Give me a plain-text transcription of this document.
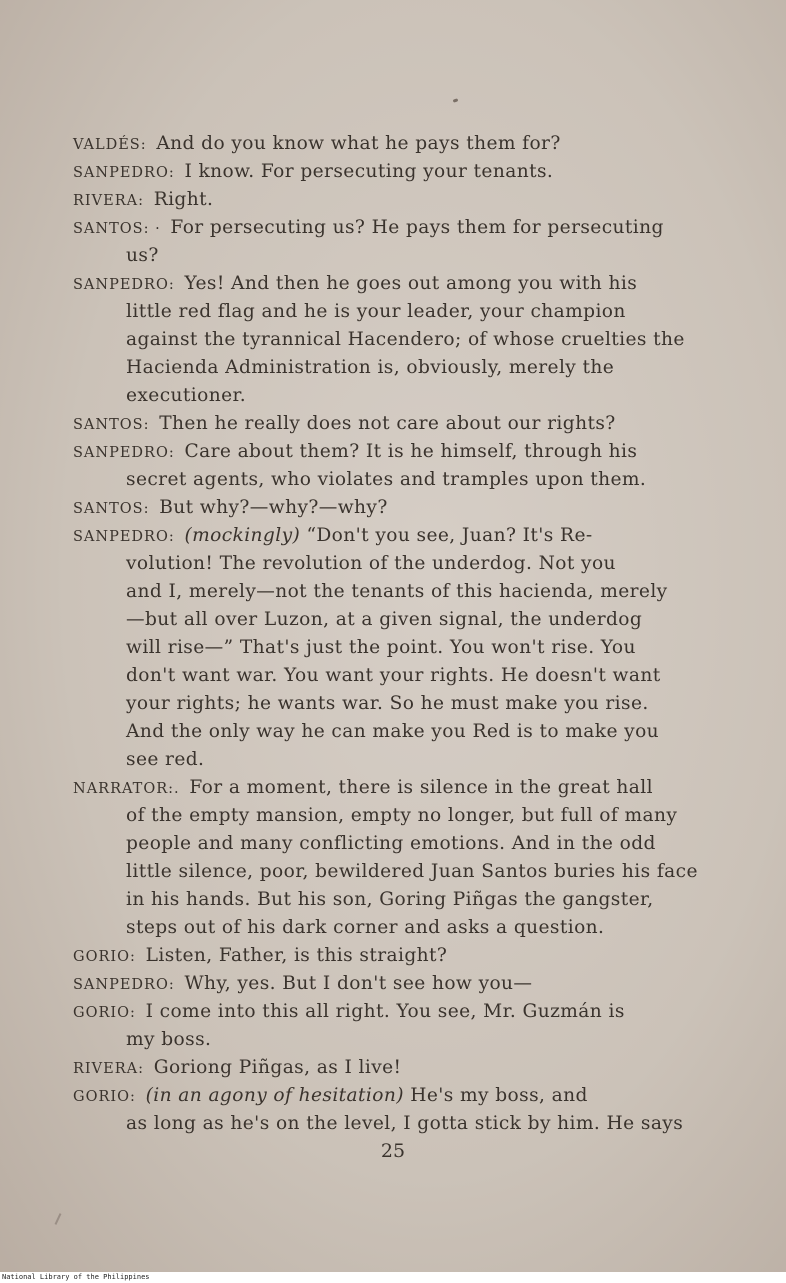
VALDÉS:  And do you know what he pays them for?
SANPEDRO:  I know. For persecuting your tenants.
RIVERA:  Right.
SANTOS: ·  For persecuting us? He pays them for persecuting
us?
SANPEDRO:  Yes! And then he goes out among you with his
little red flag and he is your leader, your champion
against the tyrannical Hacendero; of whose cruelties the
Hacienda Administration is, obviously, merely the
executioner.
SANTOS:  Then he really does not care about our rights?
SANPEDRO:  Care about them? It is he himself, through his
secret agents, who violates and tramples upon them.
SANTOS:  But why?—why?—why?
SANPEDRO:  (mockingly) “Don't you see, Juan? It's Re-
volution! The revolution of the underdog. Not you
and I, merely—not the tenants of this hacienda, merely
—but all over Luzon, at a given signal, the underdog
will rise—” That's just the point. You won't rise. You
don't want war. You want your rights. He doesn't want
your rights; he wants war. So he must make you rise.
And the only way he can make you Red is to make you
see red.
NARRATOR:.  For a moment, there is silence in the great hall
of the empty mansion, empty no longer, but full of many
people and many conflicting emotions. And in the odd
little silence, poor, bewildered Juan Santos buries his face
in his hands. But his son, Goring Piñgas the gangster,
steps out of his dark corner and asks a question.
GORIO:  Listen, Father, is this straight?
SANPEDRO:  Why, yes. But I don't see how you—
GORIO:  I come into this all right. You see, Mr. Guzmán is
my boss.
RIVERA:  Goriong Piñgas, as I live!
GORIO:  (in an agony of hesitation) He's my boss, and
as long as he's on the level, I gotta stick by him. He says
25
National Library of the Philippines
